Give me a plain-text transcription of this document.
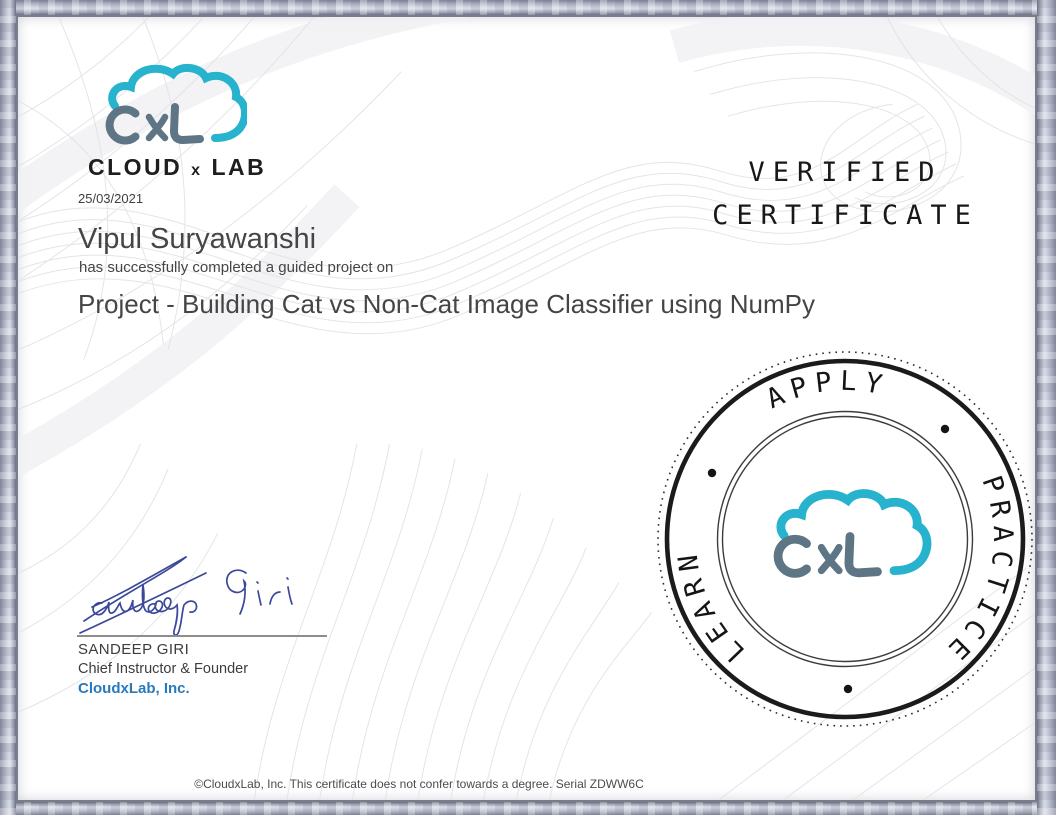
CLOUD x LAB
25/03/2021
Vipul Suryawanshi
has successfully completed a guided project on
Project - Building Cat vs Non-Cat Image Classifier using NumPy
VERIFIED
CERTIFICATE
APPLY
PRACTICE
LEARN
SANDEEP GIRI
Chief Instructor & Founder
CloudxLab, Inc.
©CloudxLab, Inc. This certificate does not confer towards a degree. Serial ZDWW6C
